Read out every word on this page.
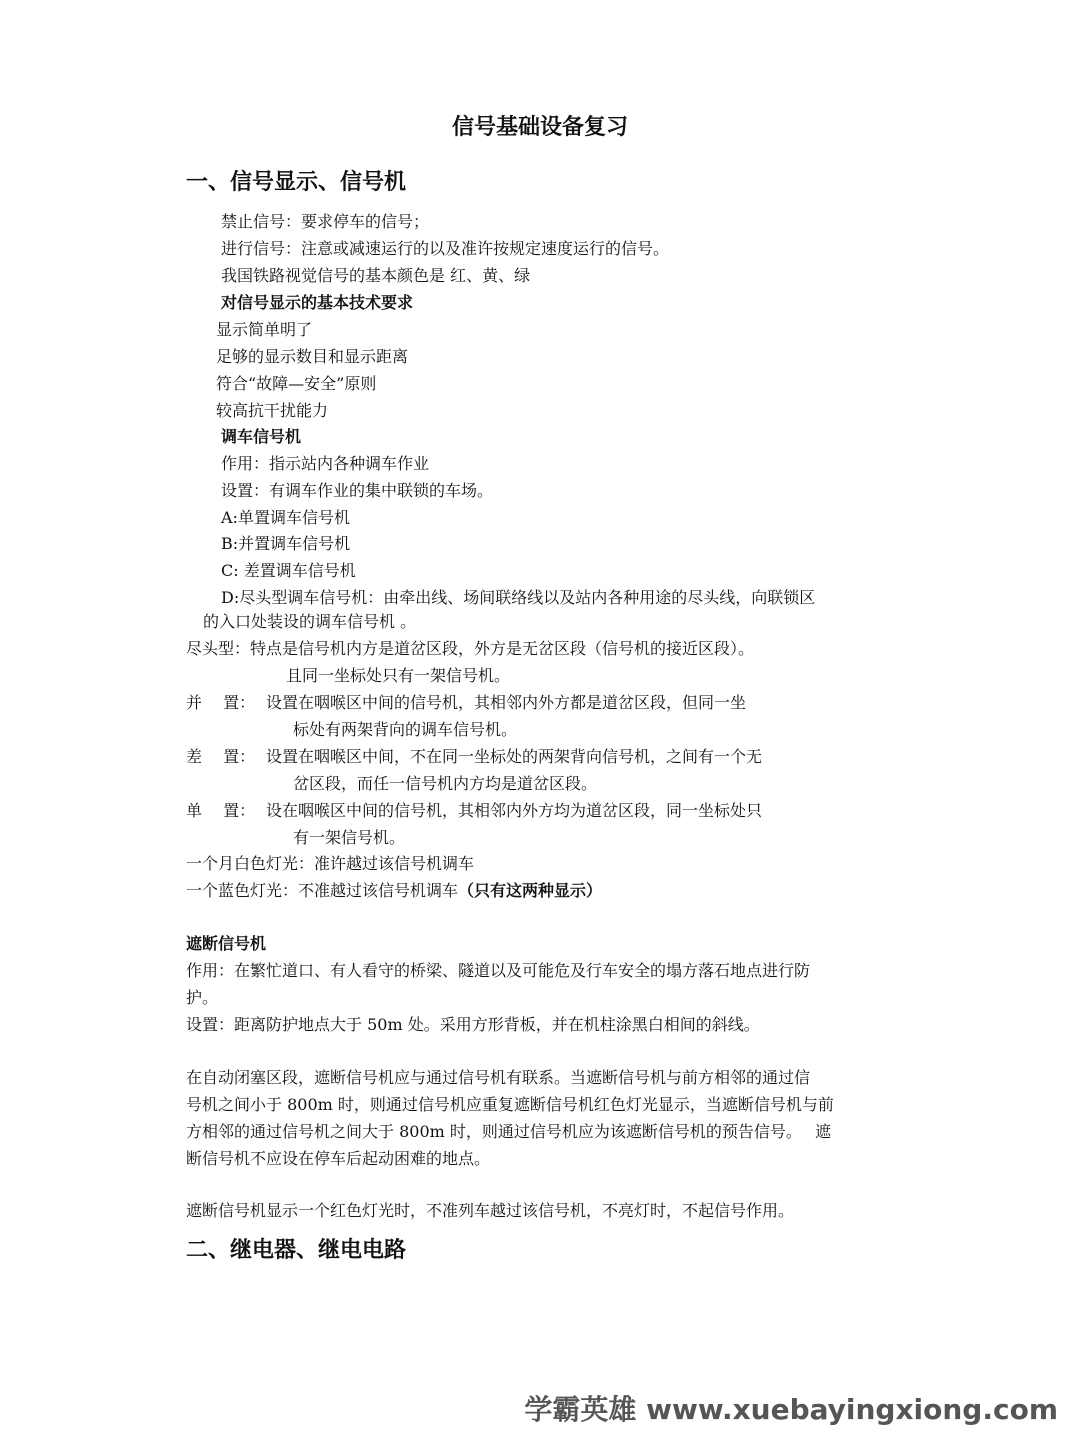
信号基础设备复习
一、信号显示、信号机
禁止信号：要求停车的信号；
进行信号：注意或减速运行的以及准许按规定速度运行的信号。
我国铁路视觉信号的基本颜色是 红、黄、绿
对信号显示的基本技术要求
显示简单明了
足够的显示数目和显示距离
符合“故障—安全”原则
较高抗干扰能力
调车信号机
作用：指示站内各种调车作业
设置：有调车作业的集中联锁的车场。
A:单置调车信号机
B:并置调车信号机
C: 差置调车信号机
D:尽头型调车信号机：由牵出线、场间联络线以及站内各种用途的尽头线，向联锁区
的入口处装设的调车信号机 。
尽头型：特点是信号机内方是道岔区段，外方是无岔区段（信号机的接近区段）。
且同一坐标处只有一架信号机。
并　 置： 设置在咽喉区中间的信号机，其相邻内外方都是道岔区段，但同一坐
标处有两架背向的调车信号机。
差　 置： 设置在咽喉区中间，不在同一坐标处的两架背向信号机，之间有一个无
岔区段，而任一信号机内方均是道岔区段。
单　 置： 设在咽喉区中间的信号机，其相邻内外方均为道岔区段，同一坐标处只
有一架信号机。
一个月白色灯光：准许越过该信号机调车
一个蓝色灯光：不准越过该信号机调车（只有这两种显示）
遮断信号机
作用：在繁忙道口、有人看守的桥梁、隧道以及可能危及行车安全的塌方落石地点进行防
护。
设置：距离防护地点大于 50m 处。采用方形背板，并在机柱涂黑白相间的斜线。
在自动闭塞区段，遮断信号机应与通过信号机有联系。当遮断信号机与前方相邻的通过信
号机之间小于 800m 时，则通过信号机应重复遮断信号机红色灯光显示，当遮断信号机与前
方相邻的通过信号机之间大于 800m 时，则通过信号机应为该遮断信号机的预告信号。　 遮
断信号机不应设在停车后起动困难的地点。
遮断信号机显示一个红色灯光时，不准列车越过该信号机，不亮灯时，不起信号作用。
二、继电器、继电电路
学霸英雄 www.xuebayingxiong.com
